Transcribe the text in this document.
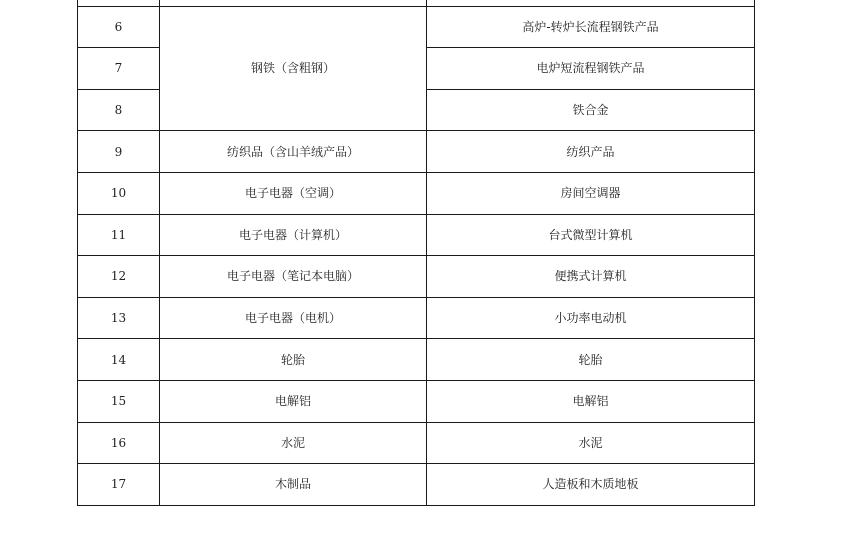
6	钢铁（含粗钢）	高炉-转炉长流程钢铁产品
7		电炉短流程钢铁产品
8		铁合金
9	纺织品（含山羊绒产品）	纺织产品
10	电子电器（空调）	房间空调器
11	电子电器（计算机）	台式微型计算机
12	电子电器（笔记本电脑）	便携式计算机
13	电子电器（电机）	小功率电动机
14	轮胎	轮胎
15	电解铝	电解铝
16	水泥	水泥
17	木制品	人造板和木质地板
